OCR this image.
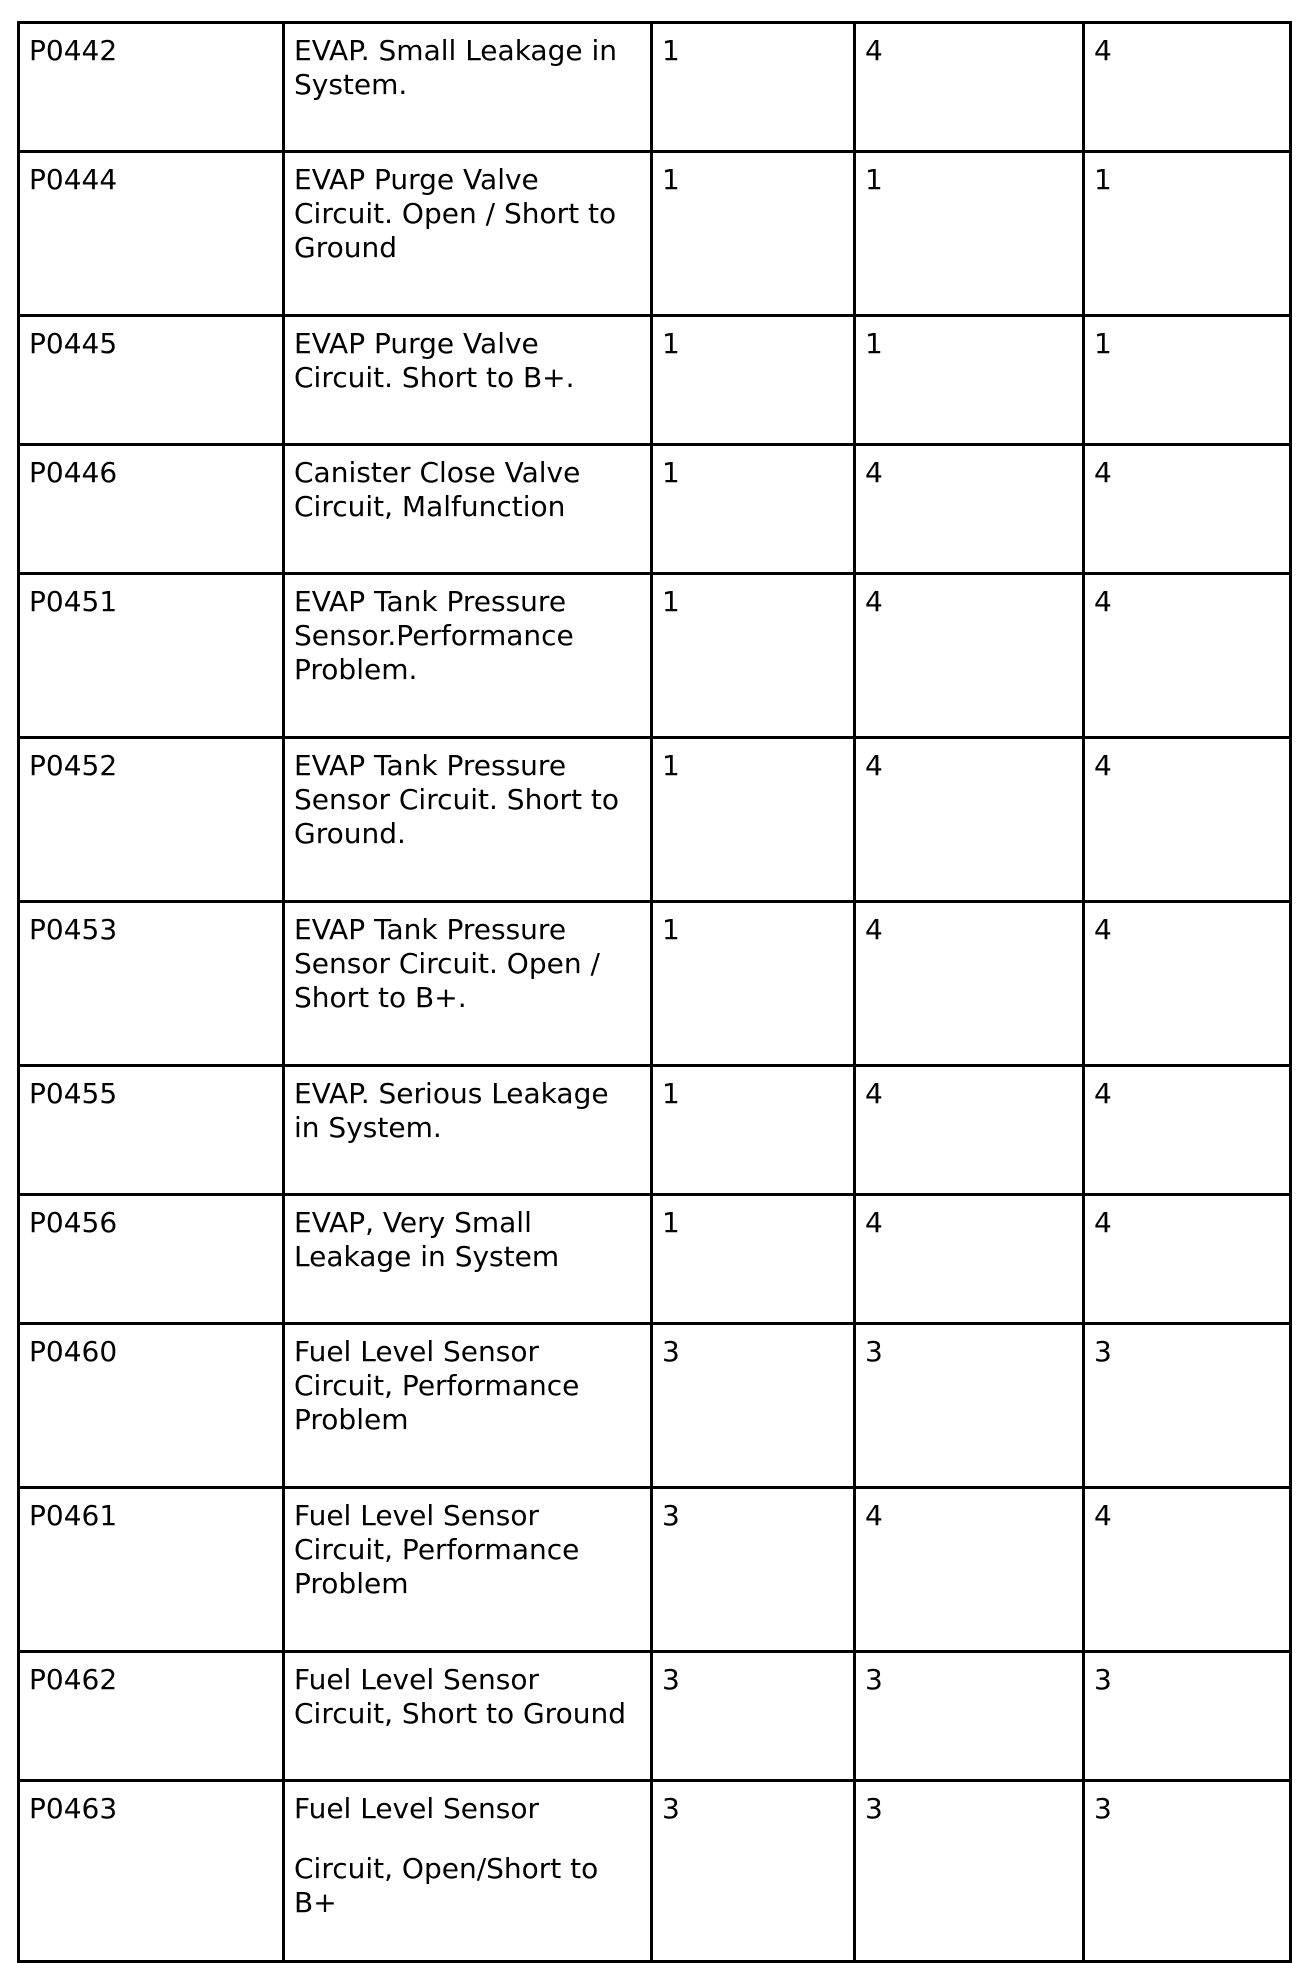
P0442	EVAP. Small Leakage in
System.	1	4	4
P0444	EVAP Purge Valve
Circuit. Open / Short to
Ground	1	1	1
P0445	EVAP Purge Valve
Circuit. Short to B+.	1	1	1
P0446	Canister Close Valve
Circuit, Malfunction	1	4	4
P0451	EVAP Tank Pressure
Sensor.Performance
Problem.	1	4	4
P0452	EVAP Tank Pressure
Sensor Circuit. Short to
Ground.	1	4	4
P0453	EVAP Tank Pressure
Sensor Circuit. Open /
Short to B+.	1	4	4
P0455	EVAP. Serious Leakage
in System.	1	4	4
P0456	EVAP, Very Small
Leakage in System	1	4	4
P0460	Fuel Level Sensor
Circuit, Performance
Problem	3	3	3
P0461	Fuel Level Sensor
Circuit, Performance
Problem	3	4	4
P0462	Fuel Level Sensor
Circuit, Short to Ground	3	3	3
P0463	Fuel Level Sensor
Circuit, Open/Short to
B+	3	3	3
